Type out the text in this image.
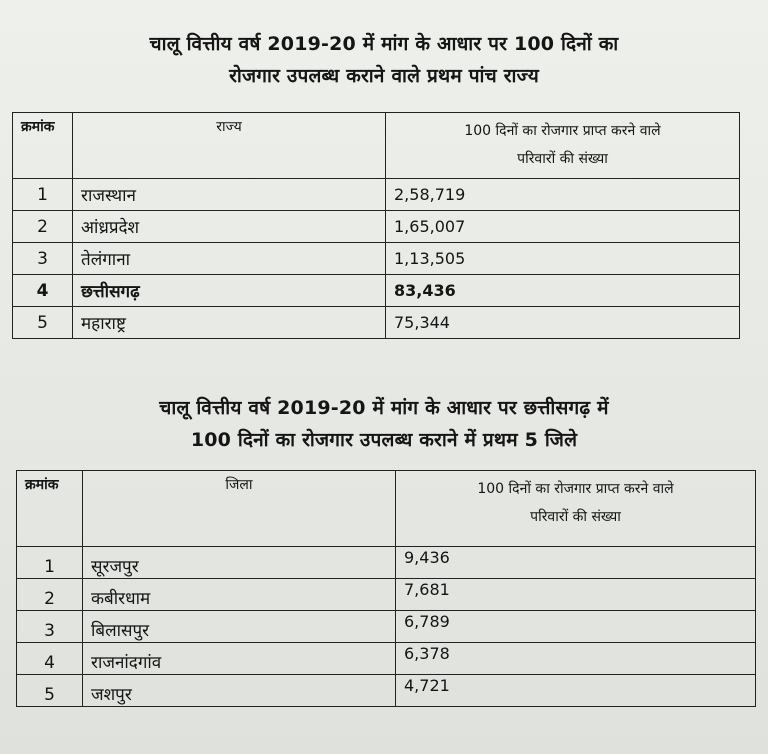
चालू वित्तीय वर्ष 2019-20 में मांग के आधार पर 100 दिनों का
रोजगार उपलब्ध कराने वाले प्रथम पांच राज्य
क्रमांक	राज्य	100 दिनों का रोजगार प्राप्त करने वाले
परिवारों की संख्या

1	राजस्थान	2,58,719
2	आंध्रप्रदेश	1,65,007
3	तेलंगाना	1,13,505
4	छत्तीसगढ़	83,436
5	महाराष्ट्र	75,344
चालू वित्तीय वर्ष 2019-20 में मांग के आधार पर छत्तीसगढ़ में
100 दिनों का रोजगार उपलब्ध कराने में प्रथम 5 जिले
क्रमांक	जिला	100 दिनों का रोजगार प्राप्त करने वाले
परिवारों की संख्या

1	सूरजपुर	9,436
2	कबीरधाम	7,681
3	बिलासपुर	6,789
4	राजनांदगांव	6,378
5	जशपुर	4,721
